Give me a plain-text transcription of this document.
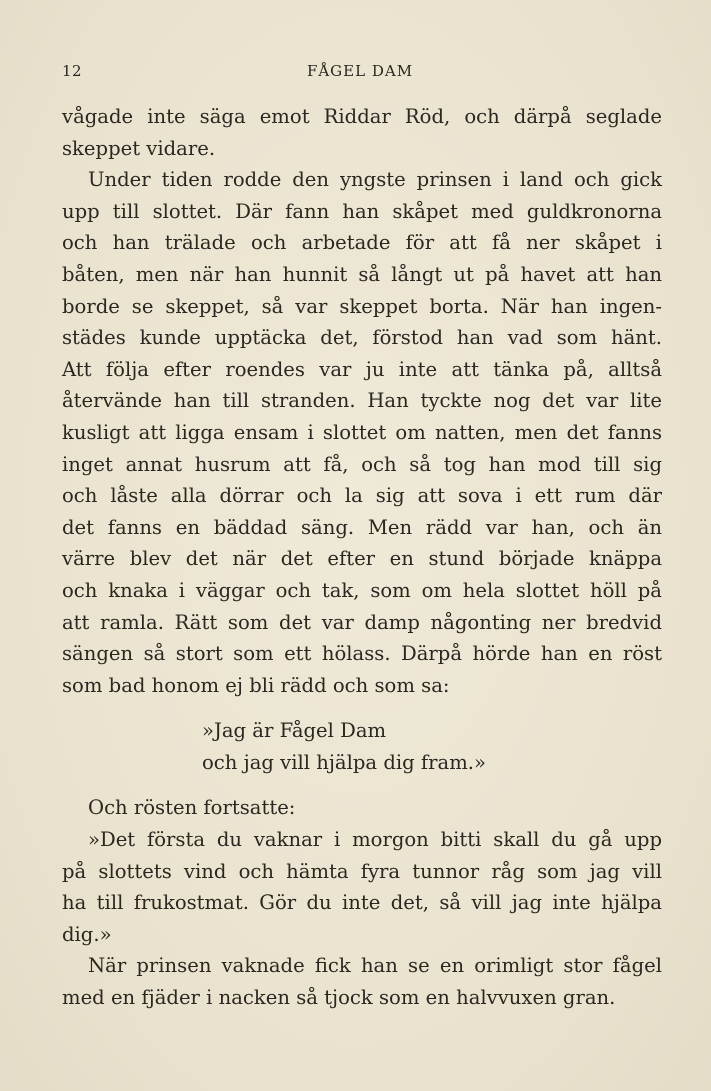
12	FÅGEL DAM

vågade inte säga emot Riddar Röd, och därpå seglade

skeppet vidare.

Under tiden rodde den yngste prinsen i land och gick

upp till slottet. Där fann han skåpet med guldkronorna

och han trälade och arbetade för att få ner skåpet i

båten, men när han hunnit så långt ut på havet att han

borde se skeppet, så var skeppet borta. När han ingen-

städes kunde upptäcka det, förstod han vad som hänt.

Att följa efter roendes var ju inte att tänka på, alltså

återvände han till stranden. Han tyckte nog det var lite

kusligt att ligga ensam i slottet om natten, men det fanns

inget annat husrum att få, och så tog han mod till sig

och låste alla dörrar och la sig att sova i ett rum där

det fanns en bäddad säng. Men rädd var han, och än

värre blev det när det efter en stund började knäppa

och knaka i väggar och tak, som om hela slottet höll på

att ramla. Rätt som det var damp någonting ner bredvid

sängen så stort som ett hölass. Därpå hörde han en röst

som bad honom ej bli rädd och som sa:

»Jag är Fågel Dam

och jag vill hjälpa dig fram.»

Och rösten fortsatte:

»Det första du vaknar i morgon bitti skall du gå upp

på slottets vind och hämta fyra tunnor råg som jag vill

ha till frukostmat. Gör du inte det, så vill jag inte hjälpa

dig.»

När prinsen vaknade fick han se en orimligt stor fågel

med en fjäder i nacken så tjock som en halvvuxen gran.
